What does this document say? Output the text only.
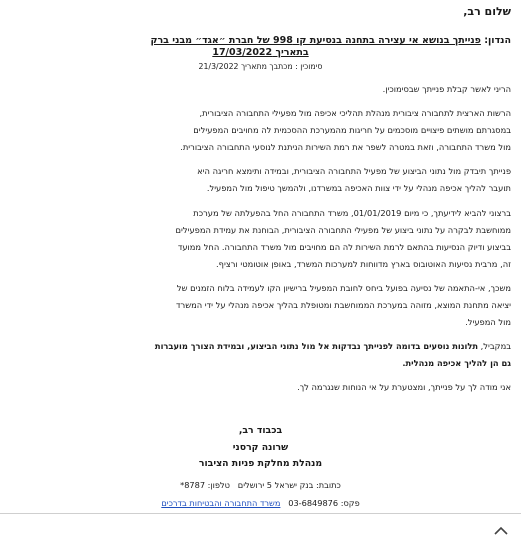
שלום רב,
הנדון: פנייתך בנושא אי עצירה בתחנה בנסיעת קו 998 של חברת ״אגד״ מבני ברק
בתאריך 17/03/2022
סימוכין : מכתבך מתאריך 21/3/2022
הריני לאשר קבלת פנייתך שבסימוכין.
הרשות הארצית לתחבורה ציבורית מנהלת תהליכי אכיפה מול מפעילי התחבורה הציבורית,
במסגרתם מושתים פיצויים מוסכמים על חריגות מהמערכת ההסכמית לה מחויבים המפעילים
מול משרד התחבורה, וזאת במטרה לשפר את רמת השירות הניתנת לנוסעי התחבורה הציבורית.
פנייתך תיבדק מול נתוני הביצוע של מפעיל התחבורה הציבורית, ובמידה ותימצא חריגה היא
תועבר להליך אכיפה מנהלי על ידי צוות האכיפה במשרדנו, ולהמשך טיפול מול המפעיל.
ברצוני להביא לידיעתך, כי מיום 01/01/2019, משרד התחבורה החל בהפעלתה של מערכת
ממוחשבת לבקרה על נתוני ביצוע של מפעילי התחבורה הציבורית, הבוחנת את עמידת המפעילים
בביצוע ודיוק הנסיעות בהתאם לרמת השירות לה הם מחויבים מול משרד התחבורה. החל ממועד
זה, מרבית נסיעות האוטובוס בארץ מדווחות למערכות המשרד, באופן אוטומטי ורציף.
משכך, אי-התאמה של נסיעה בפועל ביחס לחובת המפעיל ברישיון הקו לעמידה בלוח הזמנים של
יציאה מתחנת המוצא, מזוהה במערכת הממוחשבת ומטופלת בהליך אכיפה מנהלי על ידי המשרד
מול המפעיל.
במקביל, תלונות נוסעים בדומה לפנייתך נבדקות אל מול נתוני הביצוע, ובמידת הצורך מועברות
גם הן להליך אכיפה מנהלית.
אני מודה לך על פנייתך, ומצטערת על אי הנוחות שנגרמה לך.
בכבוד רב,
שרונה קרסני
מנהלת מחלקת פניות הציבור
כתובת: בנק ישראל 5 ירושלים   טלפון: 8787*
פקס: 03-6849876   משרד התחבורה והבטיחות בדרכים
